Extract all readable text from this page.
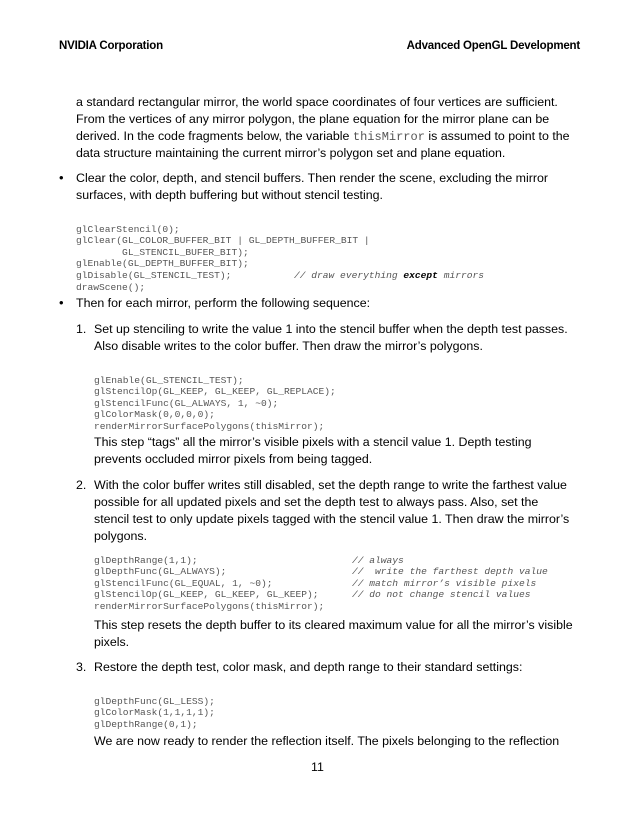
NVIDIA Corporation	Advanced OpenGL Development
a standard rectangular mirror, the world space coordinates of four vertices are sufficient.
From the vertices of any mirror polygon, the plane equation for the mirror plane can be
derived. In the code fragments below, the variable thisMirror is assumed to point to the
data structure maintaining the current mirror’s polygon set and plane equation.
• Clear the color, depth, and stencil buffers. Then render the scene, excluding the mirror
surfaces, with depth buffering but without stencil testing.

glClearStencil(0);
glClear(GL_COLOR_BUFFER_BIT | GL_DEPTH_BUFFER_BIT |
GL_STENCIL_BUFER_BIT);
glEnable(GL_DEPTH_BUFFER_BIT);
glDisable(GL_STENCIL_TEST);
drawScene();

// draw everything except mirrors
• Then for each mirror, perform the following sequence:
1. Set up stenciling to write the value 1 into the stencil buffer when the depth test passes.
Also disable writes to the color buffer. Then draw the mirror’s polygons.

glEnable(GL_STENCIL_TEST);
glStencilOp(GL_KEEP, GL_KEEP, GL_REPLACE);
glStencilFunc(GL_ALWAYS, 1, ~0);
glColorMask(0,0,0,0);
renderMirrorSurfacePolygons(thisMirror);

This step “tags” all the mirror’s visible pixels with a stencil value 1. Depth testing
prevents occluded mirror pixels from being tagged.
2. With the color buffer writes still disabled, set the depth range to write the farthest value
possible for all updated pixels and set the depth test to always pass. Also, set the
stencil test to only update pixels tagged with the stencil value 1. Then draw the mirror’s
polygons.

glDepthRange(1,1);
glDepthFunc(GL_ALWAYS);
glStencilFunc(GL_EQUAL, 1, ~0);
glStencilOp(GL_KEEP, GL_KEEP, GL_KEEP);
renderMirrorSurfacePolygons(thisMirror);

// always
//  write the farthest depth value
// match mirror’s visible pixels
// do not change stencil values

This step resets the depth buffer to its cleared maximum value for all the mirror’s visible
pixels.
3. Restore the depth test, color mask, and depth range to their standard settings:

glDepthFunc(GL_LESS);
glColorMask(1,1,1,1);
glDepthRange(0,1);

We are now ready to render the reflection itself. The pixels belonging to the reflection
11
